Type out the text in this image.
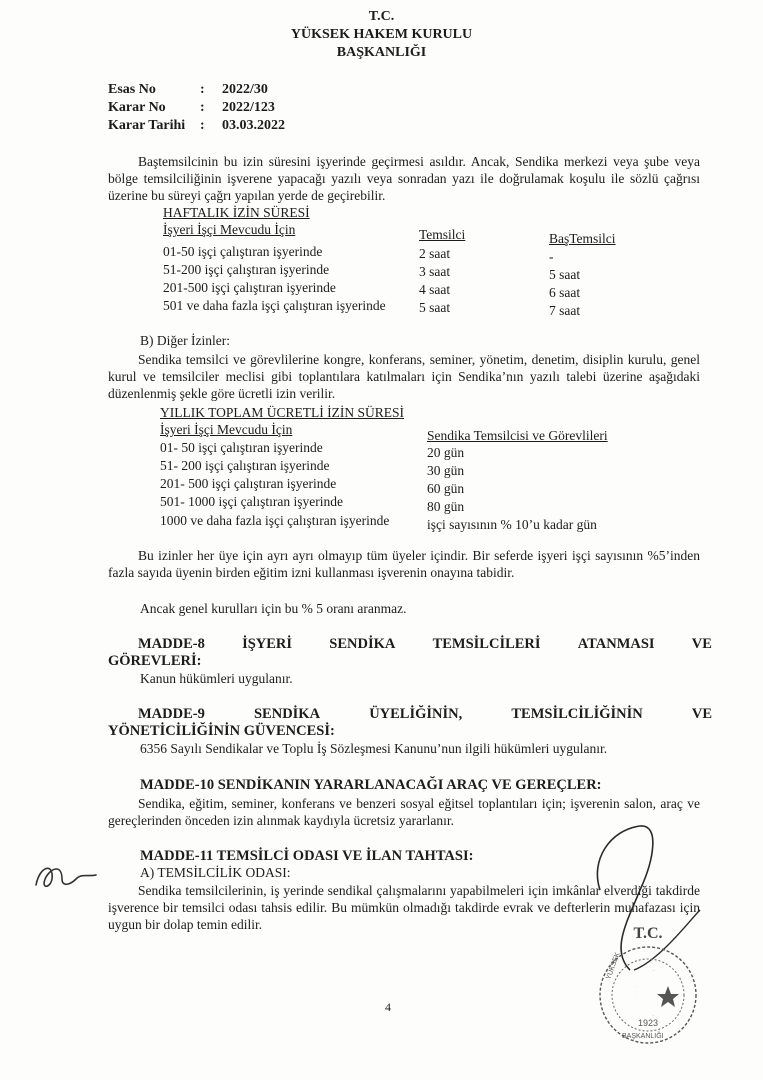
T.C.
YÜKSEK HAKEM KURULU
BAŞKANLIĞI
Esas No	: 2022/30
Karar No : 2022/123
Karar Tarihi : 03.03.2022
Baştemsilcinin bu izin süresini işyerinde geçirmesi asıldır. Ancak, Sendika merkezi veya şube veya bölge temsilciliğinin işverene yapacağı yazılı veya sonradan yazı ile doğrulamak koşulu ile sözlü çağrısı üzerine bu süreyi çağrı yapılan yerde de geçirebilir.
HAFTALIK İZİN SÜRESİ
İşyeri İşçi Mevcudu İçin	Temsilci	BaşTemsilci
01-50 işçi çalıştıran işyerinde	2 saat	-
51-200 işçi çalıştıran işyerinde	3 saat	5 saat
201-500 işçi çalıştıran işyerinde	4 saat	6 saat
501 ve daha fazla işçi çalıştıran işyerinde	5 saat	7 saat
B) Diğer İzinler:
Sendika temsilci ve görevlilerine kongre, konferans, seminer, yönetim, denetim, disiplin kurulu, genel kurul ve temsilciler meclisi gibi toplantılara katılmaları için Sendika’nın yazılı talebi üzerine aşağıdaki düzenlenmiş şekle göre ücretli izin verilir.
YILLIK TOPLAM ÜCRETLİ İZİN SÜRESİ
İşyeri İşçi Mevcudu İçin	Sendika Temsilcisi ve Görevlileri
01- 50 işçi çalıştıran işyerinde	20 gün
51- 200 işçi çalıştıran işyerinde	30 gün
201- 500 işçi çalıştıran işyerinde	60 gün
501- 1000 işçi çalıştıran işyerinde	80 gün
1000 ve daha fazla işçi çalıştıran işyerinde	işçi sayısının % 10’u kadar gün
Bu izinler her üye için ayrı ayrı olmayıp tüm üyeler içindir. Bir seferde işyeri işçi sayısının %5’inden fazla sayıda üyenin birden eğitim izni kullanması işverenin onayına tabidir.
Ancak genel kurulları için bu % 5 oranı aranmaz.
MADDE-8	İŞYERİ	SENDİKA	TEMSİLCİLERİ	ATANMASI	VE
GÖREVLERİ:
Kanun hükümleri uygulanır.
MADDE-9	SENDİKA	ÜYELİĞİNİN,	TEMSİLCİLİĞİNİN	VE
YÖNETİCİLİĞİNİN GÜVENCESİ:
6356 Sayılı Sendikalar ve Toplu İş Sözleşmesi Kanunu’nun ilgili hükümleri uygulanır.
MADDE-10 SENDİKANIN YARARLANACAĞI ARAÇ VE GEREÇLER:
Sendika, eğitim, seminer, konferans ve benzeri sosyal eğitsel toplantıları için; işverenin salon, araç ve gereçlerinden önceden izin alınmak kaydıyla ücretsiz yararlanır.
MADDE-11 TEMSİLCİ ODASI VE İLAN TAHTASI:
A) TEMSİLCİLİK ODASI:
Sendika temsilcilerinin, iş yerinde sendikal çalışmalarını yapabilmeleri için imkânlar elverdiği takdirde işverence bir temsilci odası tahsis edilir. Bu mümkün olmadığı takdirde evrak ve defterlerin muhafazası için uygun bir dolap temin edilir.
4
T.C.
1923
YÜKSEK
BAŞKANLIĞI
